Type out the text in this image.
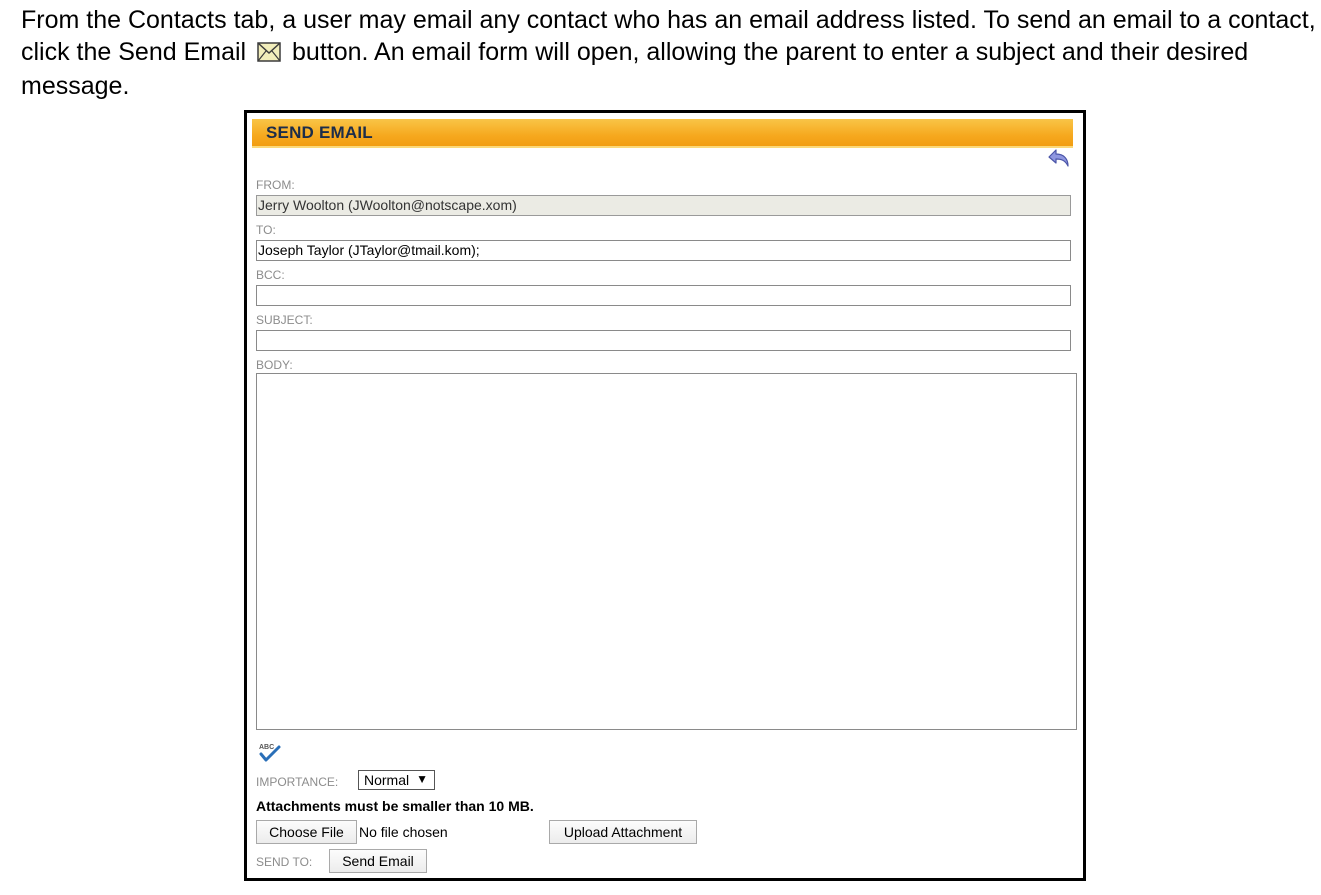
From the Contacts tab, a user may email any contact who has an email address listed. To send an email to a contact, click the Send Email button. An email form will open, allowing the parent to enter a subject and their desired message.
SEND EMAIL
FROM:
Jerry Woolton (JWoolton@notscape.xom)
TO:
Joseph Taylor (JTaylor@tmail.kom);
BCC:
SUBJECT:
BODY:
ABC
IMPORTANCE: Normal ▼
Attachments must be smaller than 10 MB.
Choose File	No file chosen	Upload Attachment
SEND TO:	Send Email
